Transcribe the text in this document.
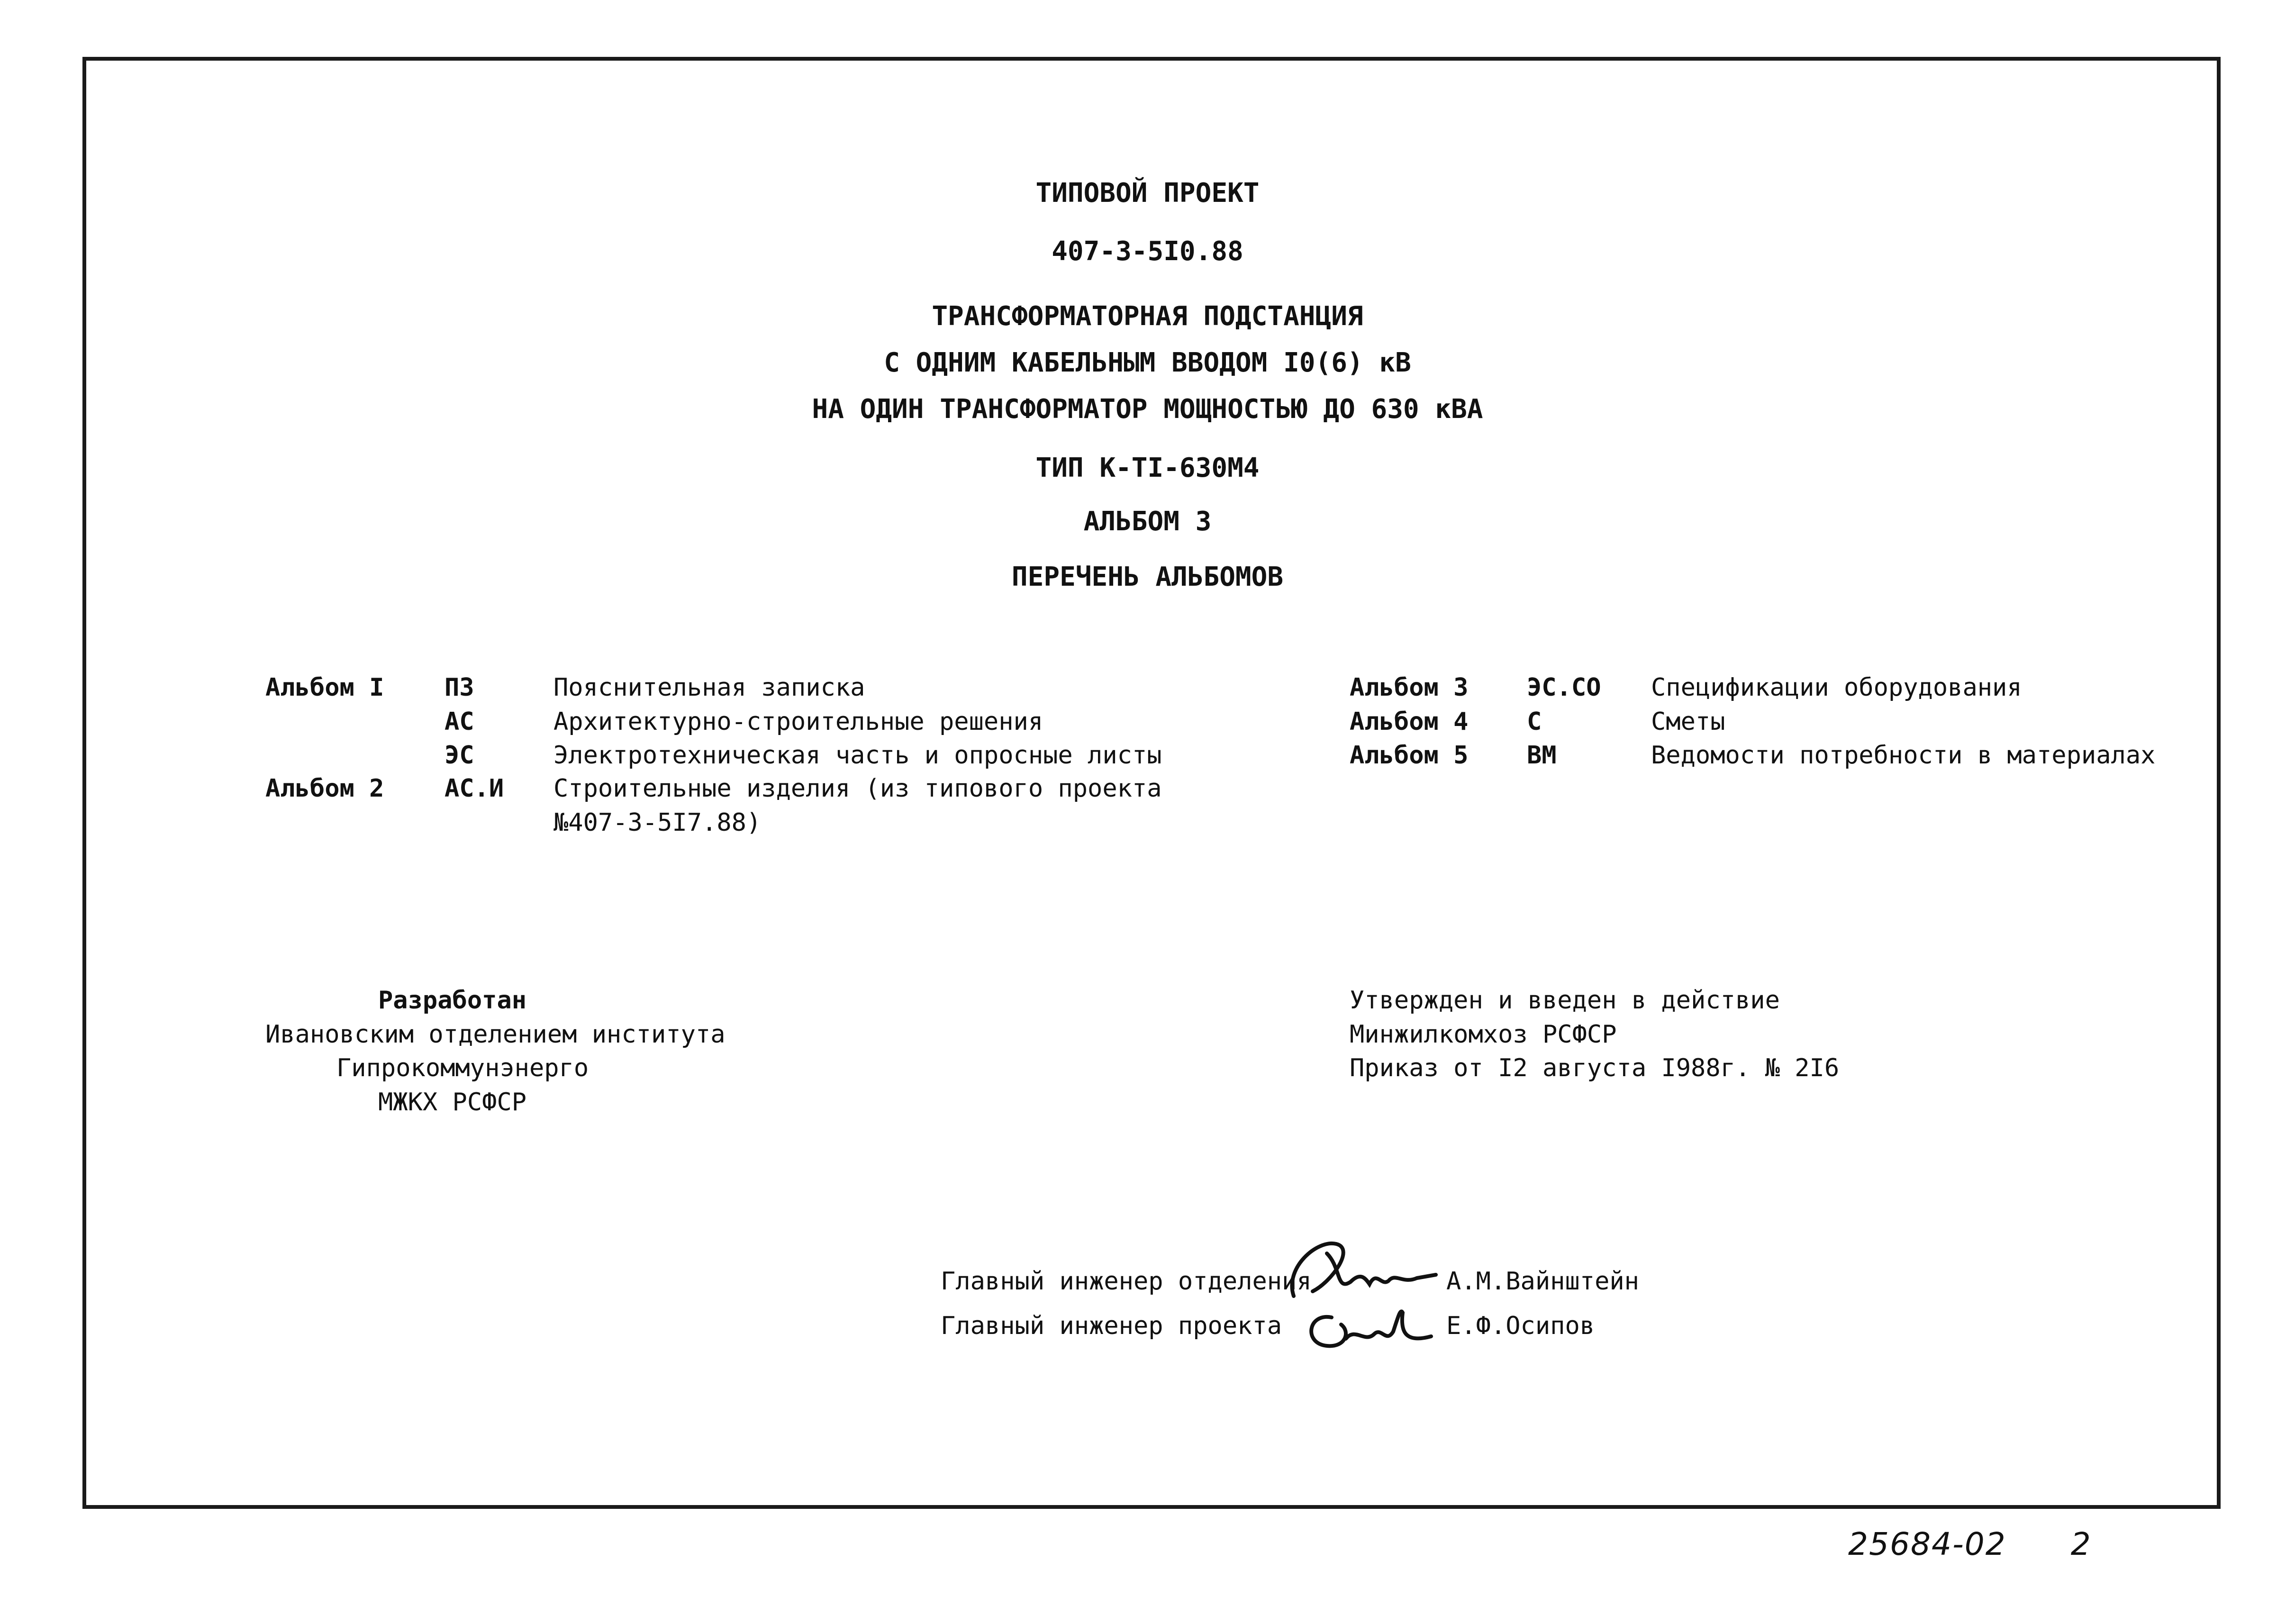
ТИПОВОЙ ПРОЕКТ
407-3-5I0.88
ТРАНСФОРМАТОРНАЯ ПОДСТАНЦИЯ
С ОДНИМ КАБЕЛЬНЫМ ВВОДОМ I0(6) кВ
НА ОДИН ТРАНСФОРМАТОР МОЩНОСТЬЮ ДО 630 кВА
ТИП К-ТI-630М4
АЛЬБОМ 3
ПЕРЕЧЕНЬ АЛЬБОМОВ
Альбом I ПЗ	Пояснительная записка
АС	Архитектурно-строительные решения
ЭС	Электротехническая часть и опросные листы
Альбом 2 АС.И Строительные изделия (из типового проекта
№407-3-5I7.88)
Альбом 3 ЭС.СО Спецификации оборудования
Альбом 4 С	Сметы
Альбом 5 ВМ	Ведомости потребности в материалах
Разработан
Ивановским отделением института
Гипрокоммунэнерго
МЖКХ РСФСР
Утвержден и введен в действие
Минжилкомхоз РСФСР
Приказ от I2 августа I988г. № 2I6
Главный инженер отделения	А.М.Вайнштейн
Главный инженер проекта	Е.Ф.Осипов
25684-02 2
